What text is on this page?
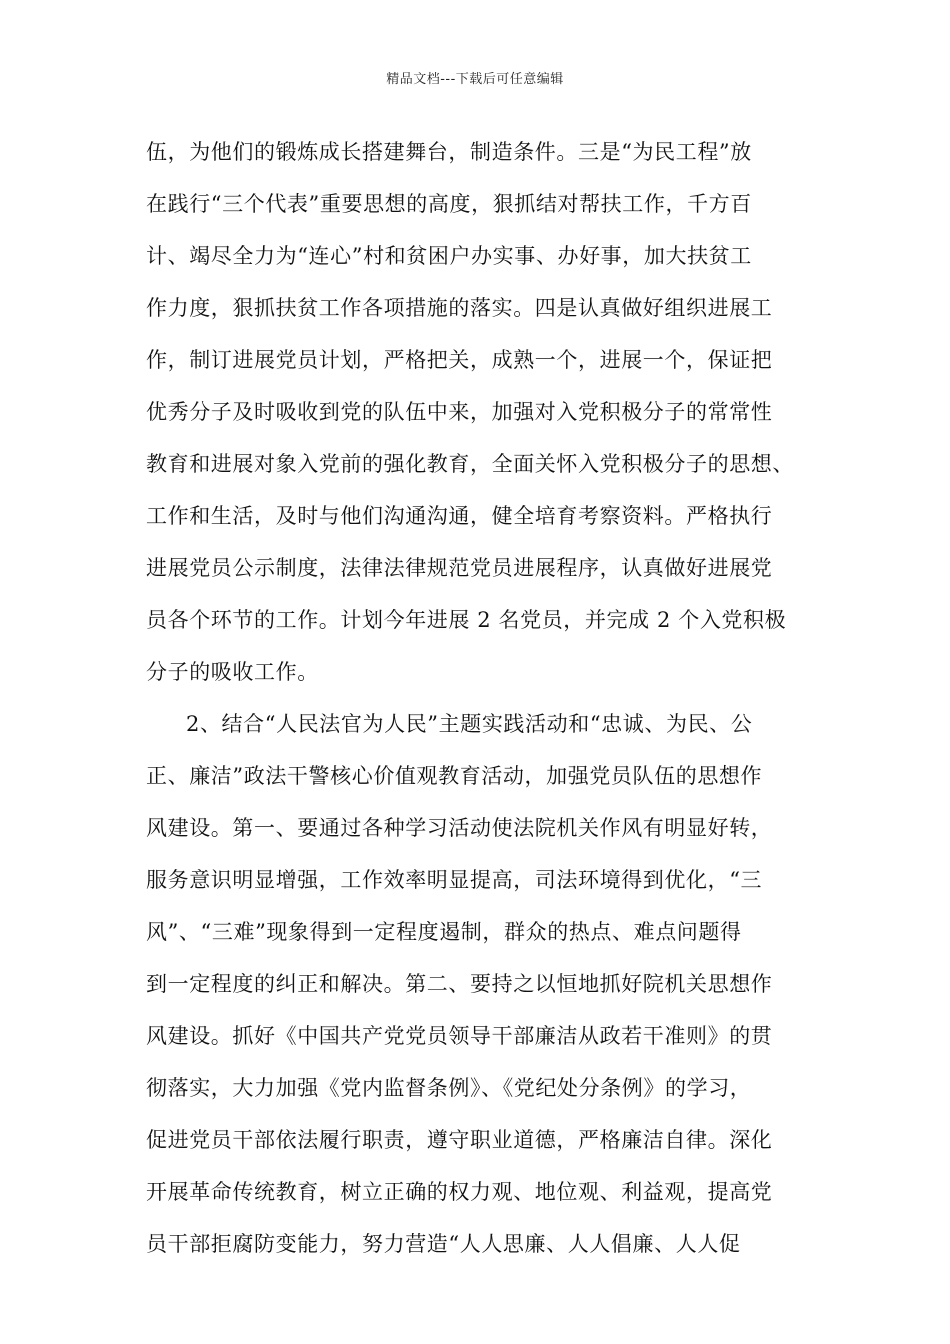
精品文档---下载后可任意编辑
伍，为他们的锻炼成长搭建舞台，制造条件。三是“为民工程”放
在践行“三个代表”重要思想的高度，狠抓结对帮扶工作，千方百
计、竭尽全力为“连心”村和贫困户办实事、办好事，加大扶贫工
作力度，狠抓扶贫工作各项措施的落实。四是认真做好组织进展工
作，制订进展党员计划，严格把关，成熟一个，进展一个，保证把
优秀分子及时吸收到党的队伍中来，加强对入党积极分子的常常性
教育和进展对象入党前的强化教育，全面关怀入党积极分子的思想、
工作和生活，及时与他们沟通沟通，健全培育考察资料。严格执行
进展党员公示制度，法律法律规范党员进展程序，认真做好进展党
员各个环节的工作。计划今年进展 2 名党员，并完成 2 个入党积极
分子的吸收工作。
2、结合“人民法官为人民”主题实践活动和“忠诚、为民、公
正、廉洁”政法干警核心价值观教育活动，加强党员队伍的思想作
风建设。第一、要通过各种学习活动使法院机关作风有明显好转，
服务意识明显增强，工作效率明显提高，司法环境得到优化，“三
风”、“三难”现象得到一定程度遏制，群众的热点、难点问题得
到一定程度的纠正和解决。第二、要持之以恒地抓好院机关思想作
风建设。抓好《中国共产党党员领导干部廉洁从政若干准则》的贯
彻落实，大力加强《党内监督条例》、《党纪处分条例》的学习，
促进党员干部依法履行职责，遵守职业道德，严格廉洁自律。深化
开展革命传统教育，树立正确的权力观、地位观、利益观，提高党
员干部拒腐防变能力，努力营造“人人思廉、人人倡廉、人人促
